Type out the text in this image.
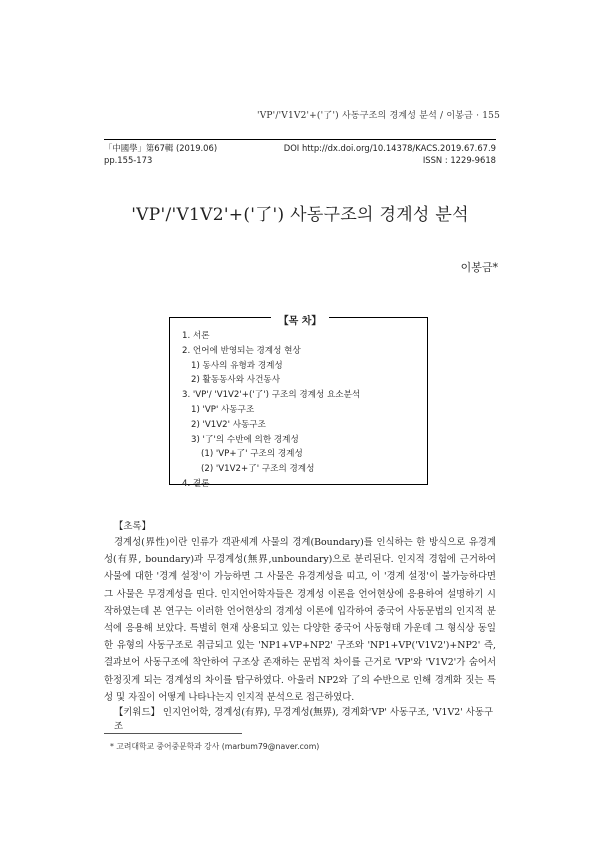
'VP'/'V1V2'+('了') 사동구조의 경계성 분석 / 이봉금 · 155
「中國學」第67輯 (2019.06)	DOI http://dx.doi.org/10.14378/KACS.2019.67.67.9
pp.155-173	ISSN : 1229-9618
'VP'/'V1V2'+('了') 사동구조의 경계성 분석
이봉금*
1. 서론
2. 언어에 반영되는 경계성 현상
1) 동사의 유형과 경계성
2) 활동동사와 사건동사
3. 'VP'/ 'V1V2'+('了') 구조의 경계성 요소분석
1) 'VP' 사동구조
2) 'V1V2' 사동구조
3) '了'의 수반에 의한 경계성
(1) 'VP+了' 구조의 경계성
(2) 'V1V2+了' 구조의 경계성
4. 결론
【목 차】
【초록】

경계성(界性)이란 인류가 객관세계 사물의 경계(Boundary)를 인식하는 한 방식으로 유경계성(有界, boundary)과 무경계성(無界,unboundary)으로 분리된다. 인지적 경험에 근거하여 사물에 대한 '경계 설정'이 가능하면 그 사물은 유경계성을 띠고, 이 '경계 설정'이 불가능하다면 그 사물은 무경계성을 띤다. 인지언어학자들은 경계성 이론을 언어현상에 응용하여 설명하기 시작하였는데 본 연구는 이러한 언어현상의 경계성 이론에 입각하여 중국어 사동문법의 인지적 분석에 응용해 보았다. 특별히 현재 상용되고 있는 다양한 중국어 사동형태 가운데 그 형식상 동일한 유형의 사동구조로 취급되고 있는 'NP1+VP+NP2' 구조와 'NP1+VP('V1V2')+NP2' 즉, 결과보어 사동구조에 착안하여 구조상 존재하는 문법적 차이를 근거로 'VP'와 'V1V2'가 숨어서 한정짓게 되는 경계성의 차이를 탐구하였다. 아울러 NP2와 了의 수반으로 인해 경계화 짓는 특성 및 자질이 어떻게 나타나는지 인지적 분석으로 접근하였다.

【키워드】 인지언어학, 경계성(有界), 무경계성(無界), 경계화'VP' 사동구조, 'V1V2' 사동구조
* 고려대학교 중어중문학과 강사 (marbum79@naver.com)
